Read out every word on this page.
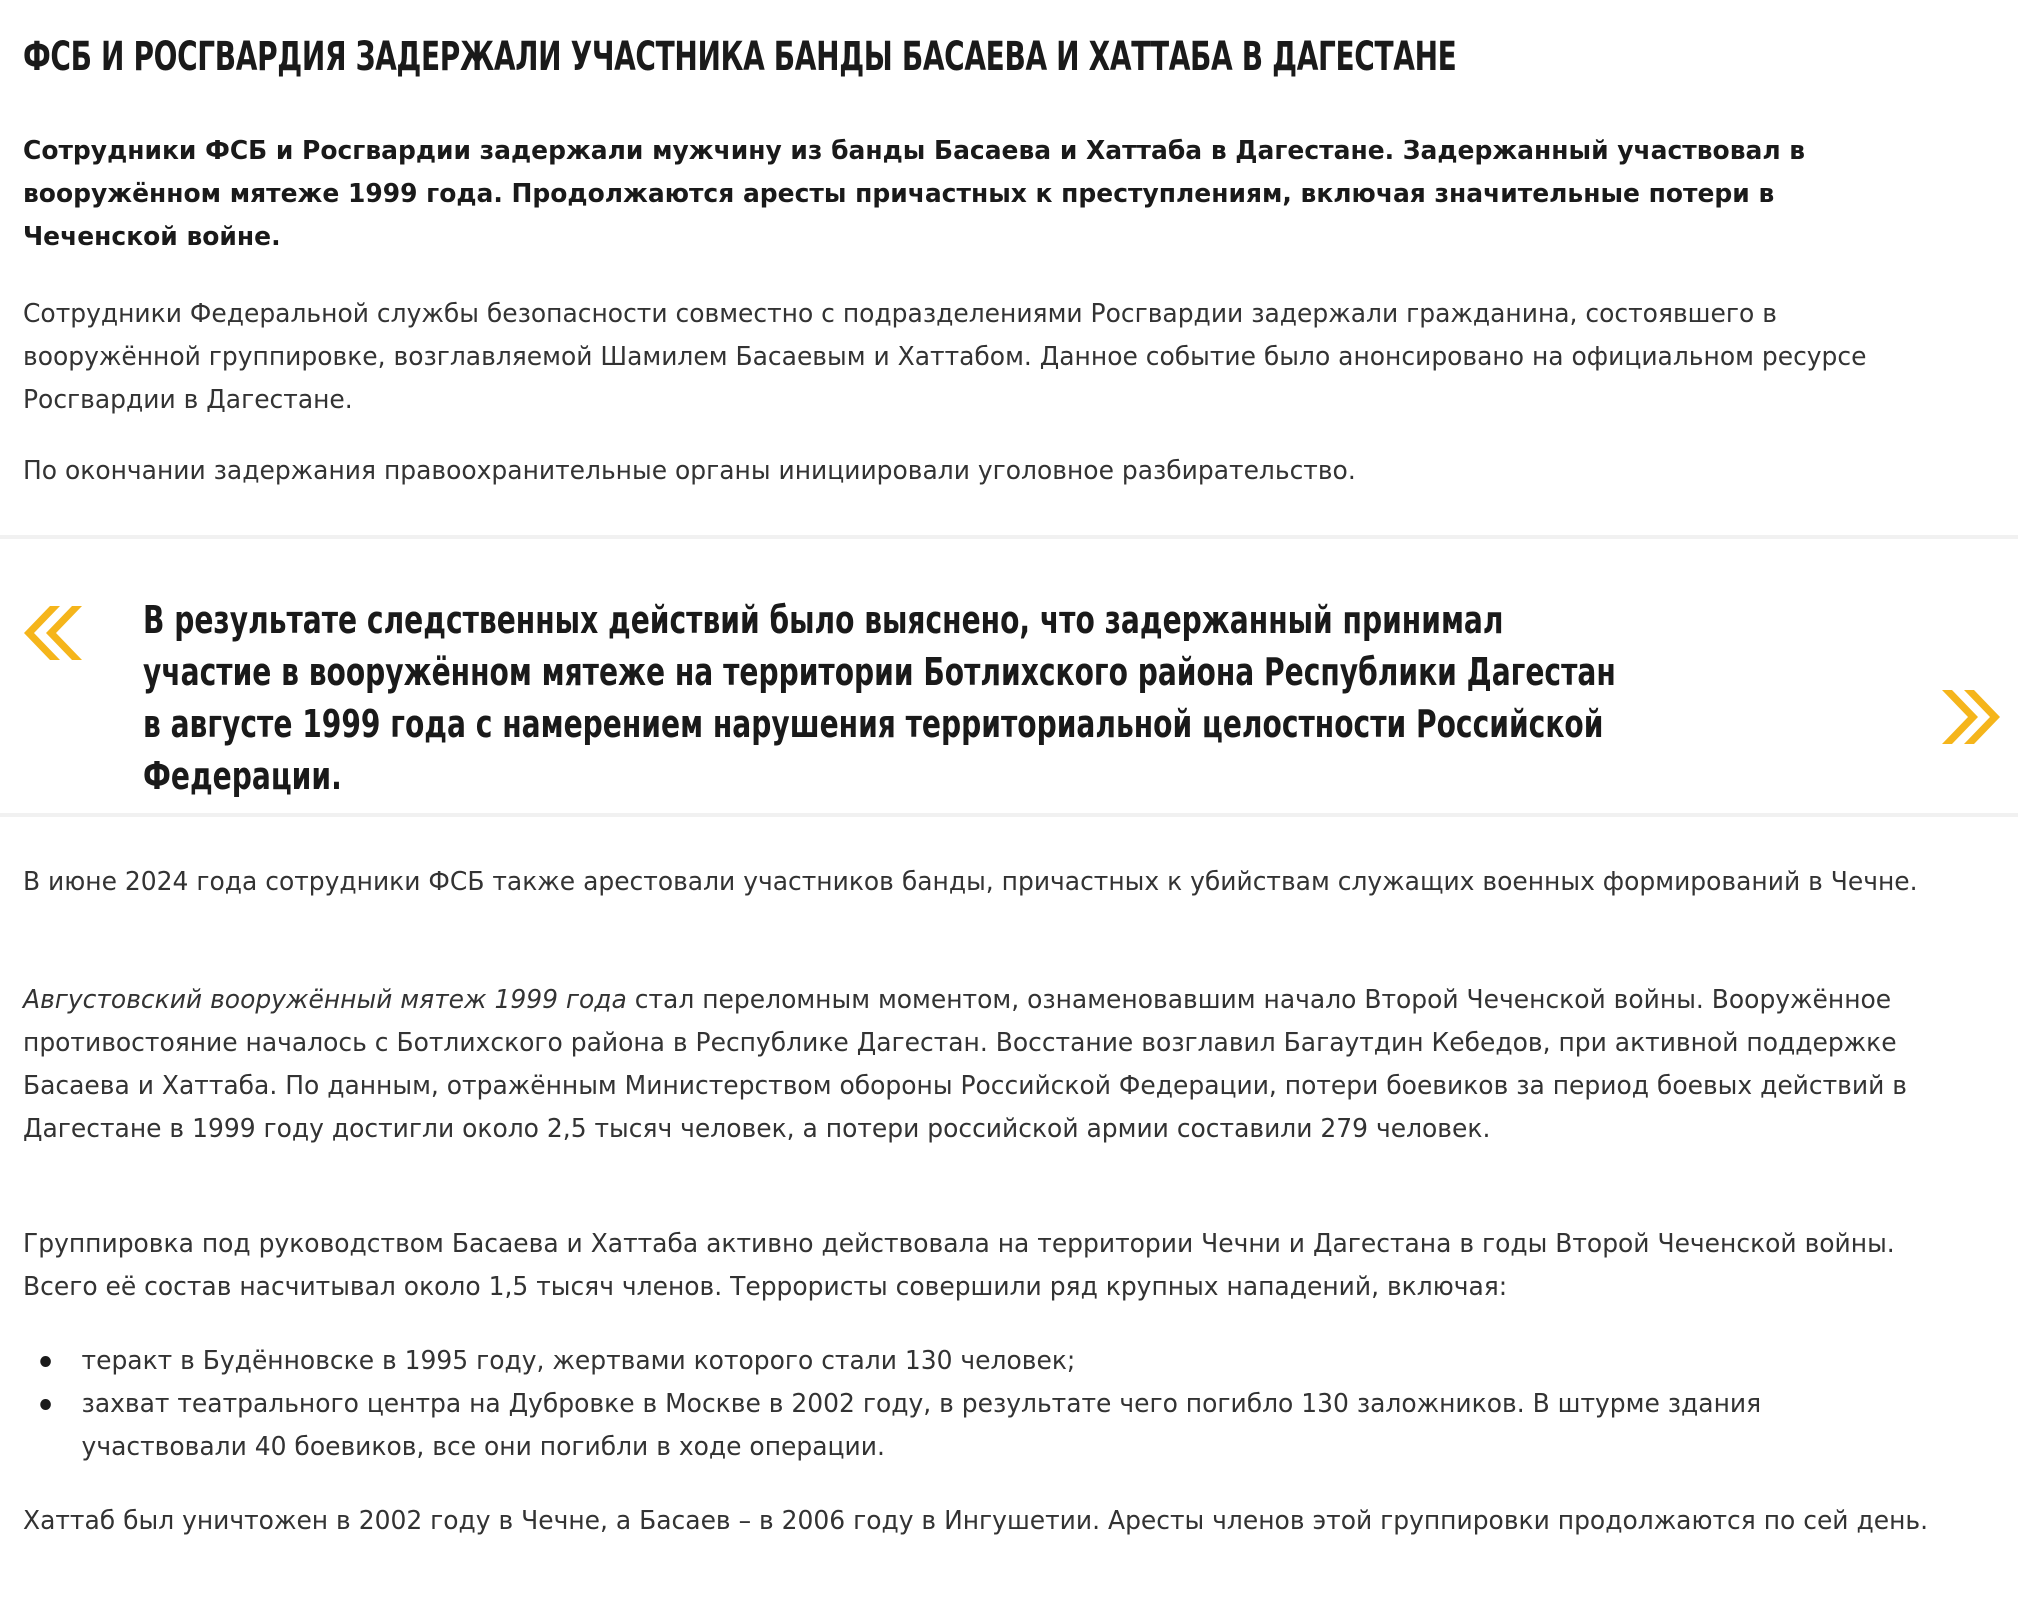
ФСБ И РОСГВАРДИЯ ЗАДЕРЖАЛИ УЧАСТНИКА БАНДЫ БАСАЕВА И ХАТТАБА В ДАГЕСТАНЕ

Сотрудники ФСБ и Росгвардии задержали мужчину из банды Басаева и Хаттаба в Дагестане. Задержанный участвовал в вооружённом мятеже 1999 года. Продолжаются аресты причастных к преступлениям, включая значительные потери в Чеченской войне.

Сотрудники Федеральной службы безопасности совместно с подразделениями Росгвардии задержали гражданина, состоявшего в вооружённой группировке, возглавляемой Шамилем Басаевым и Хаттабом. Данное событие было анонсировано на официальном ресурсе Росгвардии в Дагестане.

По окончании задержания правоохранительные органы инициировали уголовное разбирательство.

В результате следственных действий было выяснено, что задержанный принимал участие в вооружённом мятеже на территории Ботлихского района Республики Дагестан в августе 1999 года с намерением нарушения территориальной целостности Российской Федерации.

В июне 2024 года сотрудники ФСБ также арестовали участников банды, причастных к убийствам служащих военных формирований в Чечне.

Августовский вооружённый мятеж 1999 года стал переломным моментом, ознаменовавшим начало Второй Чеченской войны. Вооружённое противостояние началось с Ботлихского района в Республике Дагестан. Восстание возглавил Багаутдин Кебедов, при активной поддержке Басаева и Хаттаба. По данным, отражённым Министерством обороны Российской Федерации, потери боевиков за период боевых действий в Дагестане в 1999 году достигли около 2,5 тысяч человек, а потери российской армии составили 279 человек.

Группировка под руководством Басаева и Хаттаба активно действовала на территории Чечни и Дагестана в годы Второй Чеченской войны. Всего её состав насчитывал около 1,5 тысяч членов. Террористы совершили ряд крупных нападений, включая:

теракт в Будённовске в 1995 году, жертвами которого стали 130 человек;
захват театрального центра на Дубровке в Москве в 2002 году, в результате чего погибло 130 заложников. В штурме здания участвовали 40 боевиков, все они погибли в ходе операции.

Хаттаб был уничтожен в 2002 году в Чечне, а Басаев – в 2006 году в Ингушетии. Аресты членов этой группировки продолжаются по сей день.
